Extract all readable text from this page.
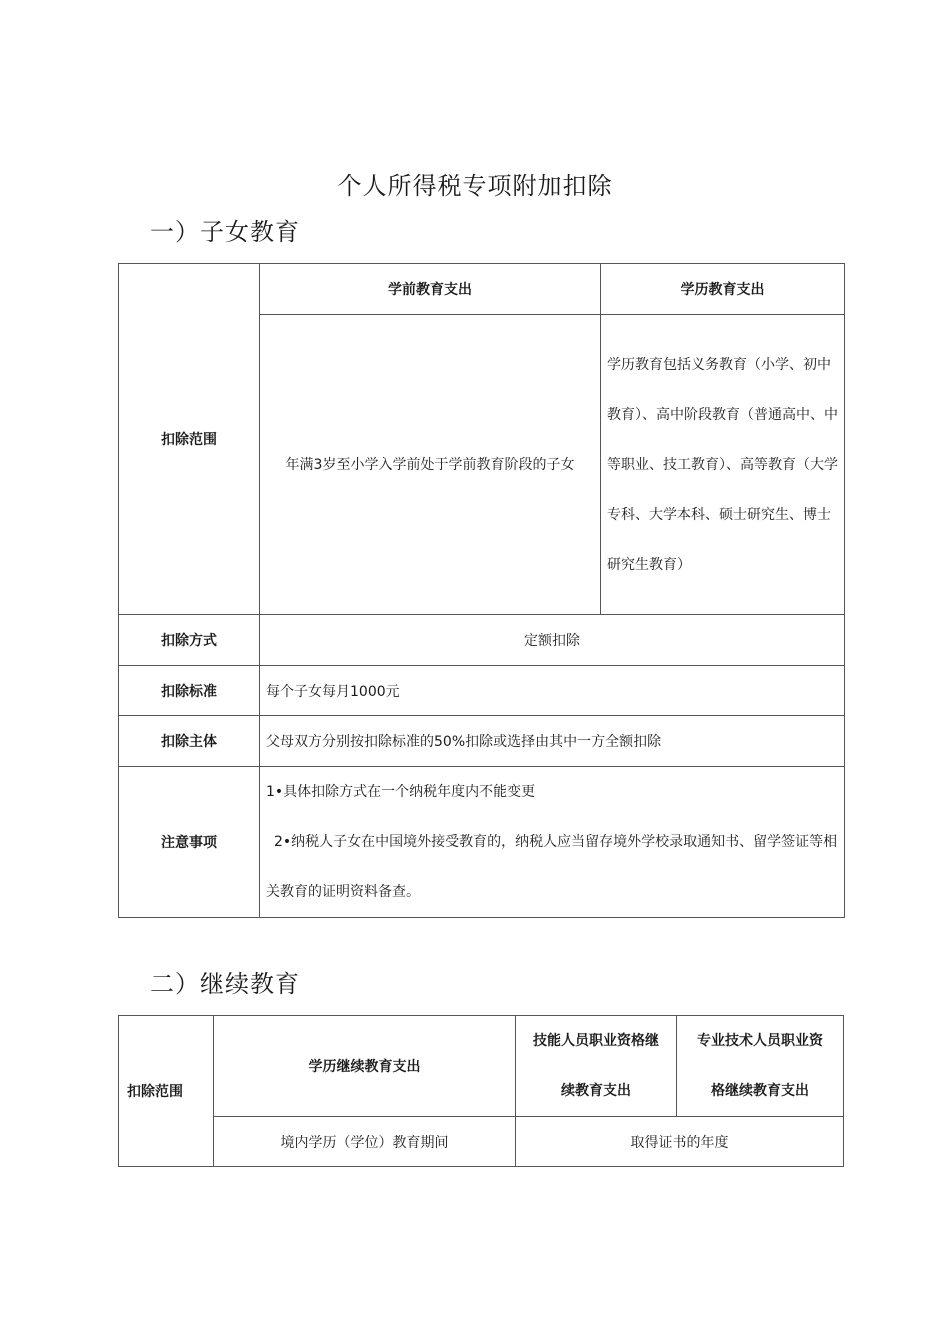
个人所得税专项附加扣除
一）子女教育
扣除范围	学前教育支出	学历教育支出
	年满3岁至小学入学前处于学前教育阶段的子女	学历教育包括义务教育（小学、初中教育）、高中阶段教育（普通高中、中等职业、技工教育）、高等教育（大学专科、大学本科、硕士研究生、博士研究生教育）
扣除方式	定额扣除	
扣除标准	每个子女每月1000元	
扣除主体	父母双方分别按扣除标准的50%扣除或选择由其中一方全额扣除	
注意事项	1•具体扣除方式在一个纳税年度内不能变更

2•纳税人子女在中国境外接受教育的，纳税人应当留存境外学校录取通知书、留学签证等相关教育的证明资料备查。	

二）继续教育
扣除范围	学历继续教育支出	技能人员职业资格继续教育支出	专业技术人员职业资格继续教育支出
	境内学历（学位）教育期间	取得证书的年度	
